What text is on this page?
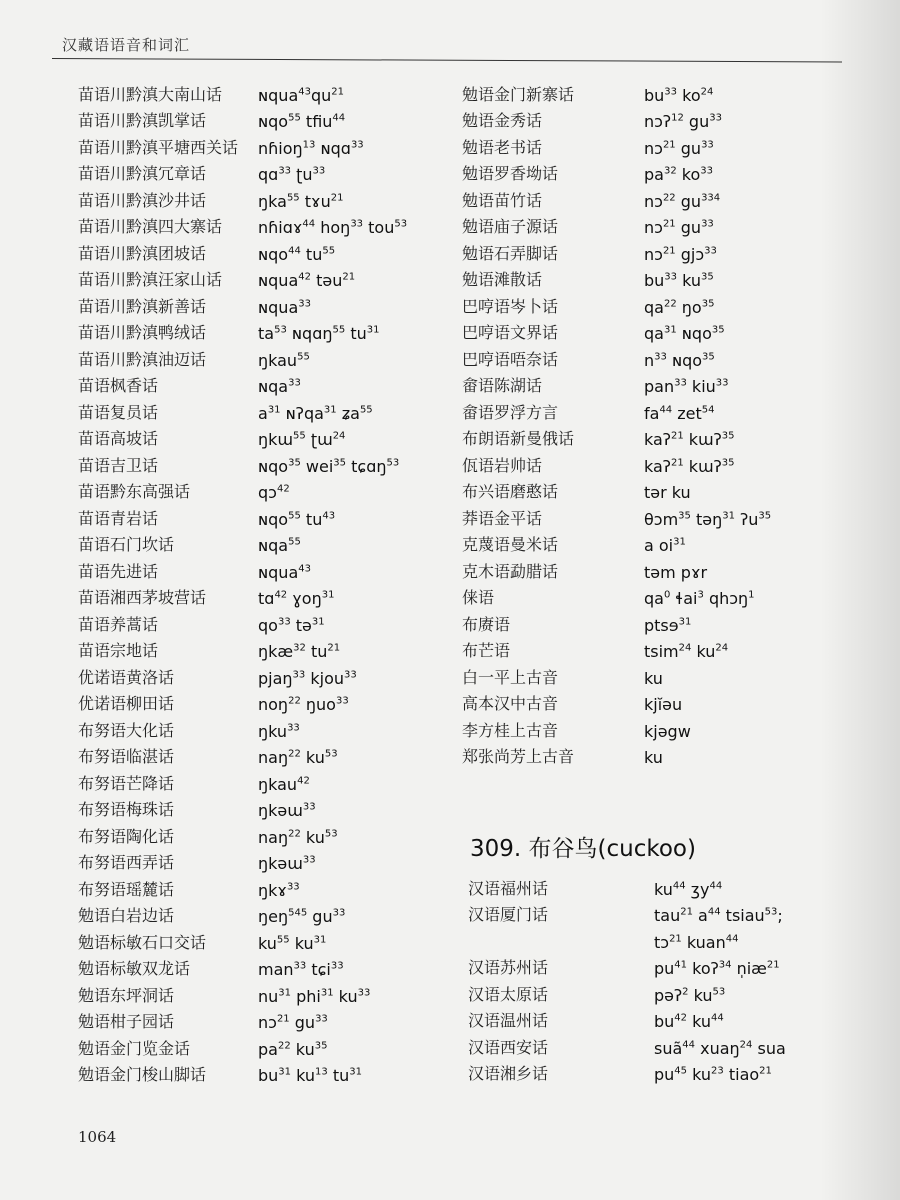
汉藏语语音和词汇
苗语川黔滇大南山话	$ɴqua^{43}qu^{21}$
苗语川黔滇凯掌话	ɴqo$^{55}$ tfiu$^{44}$
苗语川黔滇平塘西关话	nɦioŋ$^{13}$ ɴqɑ$^{33}$
苗语川黔滇冗章话	qɑ$^{33}$ ʈu$^{33}$
苗语川黔滇沙井话	ŋka$^{55}$ tɤu$^{21}$
苗语川黔滇四大寨话	nɦiɑɤ$^{44}$ hoŋ$^{33}$ tou$^{53}$
苗语川黔滇团坡话	ɴqo$^{44}$ $tu^{55}$
苗语川黔滇汪家山话	ɴqua$^{42}$ təu$^{21}$
苗语川黔滇新善话	ɴqua$^{33}$
苗语川黔滇鸭绒话	$ta^{53}$ ɴqɑŋ$^{55}$ $tu^{31}$
苗语川黔滇油迈话	ŋkau$^{55}$
苗语枫香话	ɴqa$^{33}$
苗语复员话	$a^{31}$ ɴʔqa$^{31}$ ʑa$^{55}$
苗语高坡话	ŋkɯ$^{55}$ ʈɯ$^{24}$
苗语吉卫话	ɴqo$^{35}$ wei$^{35}$ tɕɑŋ$^{53}$
苗语黔东高强话	qɔ$^{42}$
苗语青岩话	ɴqo$^{55}$ $tu^{43}$
苗语石门坎话	ɴqa$^{55}$
苗语先进话	ɴqua$^{43}$
苗语湘西茅坡营话	tɑ$^{42}$ ɣoŋ$^{31}$
苗语养蒿话	$qo^{33}$ tə$^{31}$
苗语宗地话	ŋkæ$^{32}$ $tu^{21}$
优诺语黄洛话	pjaŋ$^{33}$ kjou$^{33}$
优诺语柳田话	noŋ$^{22}$ ŋuo$^{33}$
布努语大化话	ŋku$^{33}$
布努语临湛话	naŋ$^{22}$ $ku^{53}$
布努语芒降话	ŋkau$^{42}$
布努语梅珠话	ŋkəɯ$^{33}$
布努语陶化话	naŋ$^{22}$ $ku^{53}$
布努语西弄话	ŋkəɯ$^{33}$
布努语瑶麓话	ŋkɤ$^{33}$
勉语白岩边话	ŋeŋ$^{545}$ $gu^{33}$
勉语标敏石口交话	$ku^{55}$ $ku^{31}$
勉语标敏双龙话	man$^{33}$ tɕi$^{33}$
勉语东坪洞话	$nu^{31}$ phi$^{31}$ $ku^{33}$
勉语柑子园话	nɔ$^{21}$ $gu^{33}$
勉语金门览金话	$pa^{22}$ $ku^{35}$
勉语金门梭山脚话	$bu^{31}$ $ku^{13}$ $tu^{31}$
勉语金门新寨话	$bu^{33}$ $ko^{24}$
勉语金秀话	nɔʔ$^{12}$ $gu^{33}$
勉语老书话	nɔ$^{21}$ $gu^{33}$
勉语罗香坳话	$pa^{32}$ $ko^{33}$
勉语苗竹话	nɔ$^{22}$ $gu^{334}$
勉语庙子源话	nɔ$^{21}$ $gu^{33}$
勉语石弄脚话	nɔ$^{21}$ gjɔ$^{33}$
勉语滩散话	$bu^{33}$ $ku^{35}$
巴哼语岑卜话	$qa^{22}$ $ŋo^{35}$
巴哼语文界话	$qa^{31}$ ɴqo$^{35}$
巴哼语唔奈话	$n^{33}$ ɴqo$^{35}$
畲语陈湖话	pan$^{33}$ kiu$^{33}$
畲语罗浮方言	$fa^{44}$ zet$^{54}$
布朗语新曼俄话	kaʔ$^{21}$ kɯʔ$^{35}$
佤语岩帅话	kaʔ$^{21}$ kɯʔ$^{35}$
布兴语磨憨话	tər ku
莽语金平话	θɔm$^{35}$ təŋ$^{31}$ ʔu$^{35}$
克蔑语曼米话	a $oi^{31}$
克木语勐腊话	təm pɤr
俫语	$qa^0$ ɬai$^3$ qhɔŋ$^1$
布赓语	ptsɘ$^{31}$
布芒语	tsim$^{24}$ $ku^{24}$
白一平上古音	ku
高本汉中古音	kjĭəu
李方桂上古音	kjəgw
郑张尚芳上古音	ku
309. 布谷鸟(cuckoo)
汉语福州话	$ku^{44}$ ʒy$^{44}$
汉语厦门话	tau$^{21}$ $a^{44}$ tsiau$^{53}$;
tɔ$^{21}$ kuan$^{44}$
汉语苏州话	$pu^{41}$ koʔ$^{34}$ $n̩iæ^{21}$
汉语太原话	pəʔ$^2$ $ku^{53}$
汉语温州话	$bu^{42}$ $ku^{44}$
汉语西安话	suã$^{44}$ xuaŋ$^{24}$ sua
汉语湘乡话	$pu^{45}$ $ku^{23}$ tiao$^{21}$
1064
